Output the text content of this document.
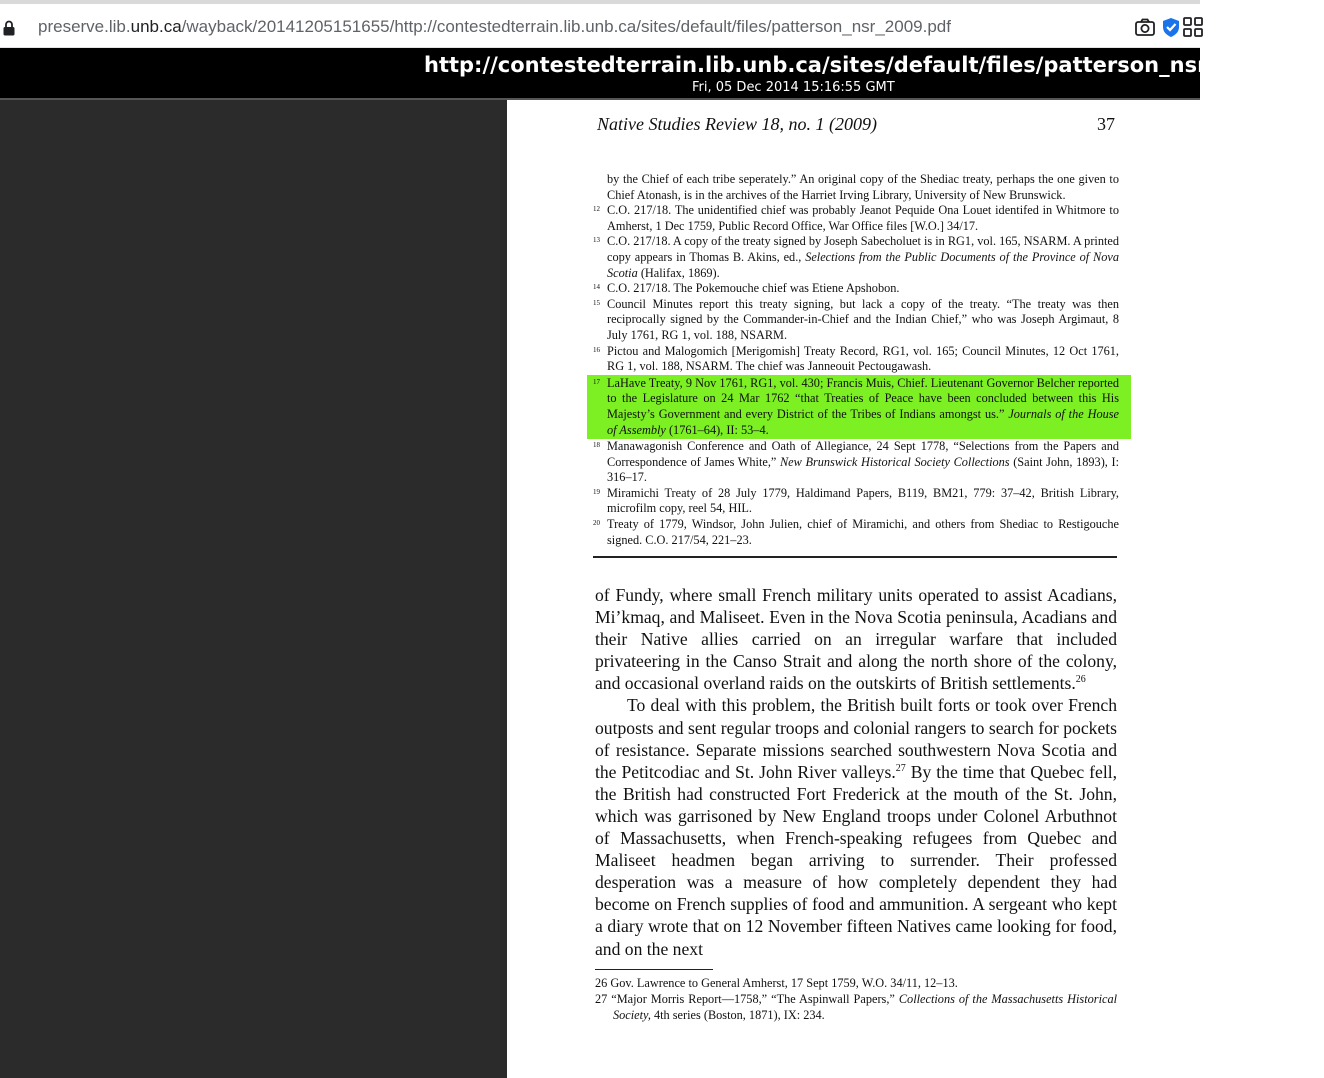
preserve.lib.unb.ca/wayback/20141205151655/http://contestedterrain.lib.unb.ca/sites/default/files/patterson_nsr_2009.pdf
http://contestedterrain.lib.unb.ca/sites/default/files/patterson_nsr_2009.pdf
Fri, 05 Dec 2014 15:16:55 GMT
Native Studies Review 18, no. 1 (2009)	37
by the Chief of each tribe seperately.” An original copy of the Shediac treaty, perhaps the one given to Chief Atonash, is in the archives of the Harriet Irving Library, University of New Brunswick.
12 C.O. 217/18. The unidentified chief was probably Jeanot Pequide Ona Louet identifed in Whitmore to Amherst, 1 Dec 1759, Public Record Office, War Office files [W.O.] 34/17.
13 C.O. 217/18. A copy of the treaty signed by Joseph Sabecholuet is in RG1, vol. 165, NSARM. A printed copy appears in Thomas B. Akins, ed., Selections from the Public Documents of the Province of Nova Scotia (Halifax, 1869).
14 C.O. 217/18. The Pokemouche chief was Etiene Apshobon.
15 Council Minutes report this treaty signing, but lack a copy of the treaty. “The treaty was then reciprocally signed by the Commander-in-Chief and the Indian Chief,” who was Joseph Argimaut, 8 July 1761, RG 1, vol. 188, NSARM.
16 Pictou and Malogomich [Merigomish] Treaty Record, RG1, vol. 165; Council Minutes, 12 Oct 1761, RG 1, vol. 188, NSARM. The chief was Janneouit Pectougawash.
17 LaHave Treaty, 9 Nov 1761, RG1, vol. 430; Francis Muis, Chief. Lieutenant Governor Belcher reported to the Legislature on 24 Mar 1762 “that Treaties of Peace have been concluded between this His Majesty’s Government and every District of the Tribes of Indians amongst us.” Journals of the House of Assembly (1761–64), II: 53–4.
18 Manawagonish Conference and Oath of Allegiance, 24 Sept 1778, “Selections from the Papers and Correspondence of James White,” New Brunswick Historical Society Collections (Saint John, 1893), I: 316–17.
19 Miramichi Treaty of 28 July 1779, Haldimand Papers, B119, BM21, 779: 37–42, British Library, microfilm copy, reel 54, HIL.
20 Treaty of 1779, Windsor, John Julien, chief of Miramichi, and others from Shediac to Restigouche signed. C.O. 217/54, 221–23.

of Fundy, where small French military units operated to assist Acadians, Mi’kmaq, and Maliseet. Even in the Nova Scotia peninsula, Acadians and their Native allies carried on an irregular warfare that included privateering in the Canso Strait and along the north shore of the colony, and occasional overland raids on the outskirts of British settlements.$^{26}$

To deal with this problem, the British built forts or took over French outposts and sent regular troops and colonial rangers to search for pockets of resistance. Separate missions searched southwestern Nova Scotia and the Petitcodiac and St. John River valleys.$^{27}$ By the time that Quebec fell, the British had constructed Fort Frederick at the mouth of the St. John, which was garrisoned by New England troops under Colonel Arbuthnot of Massachusetts, when French-speaking refugees from Quebec and Maliseet headmen began arriving to surrender. Their professed desperation was a measure of how completely dependent they had become on French supplies of food and ammunition. A sergeant who kept a diary wrote that on 12 November fifteen Natives came looking for food, and on the next

26 Gov. Lawrence to General Amherst, 17 Sept 1759, W.O. 34/11, 12–13.
27 “Major Morris Report—1758,” “The Aspinwall Papers,” Collections of the Massachusetts Historical Society, 4th series (Boston, 1871), IX: 234.
